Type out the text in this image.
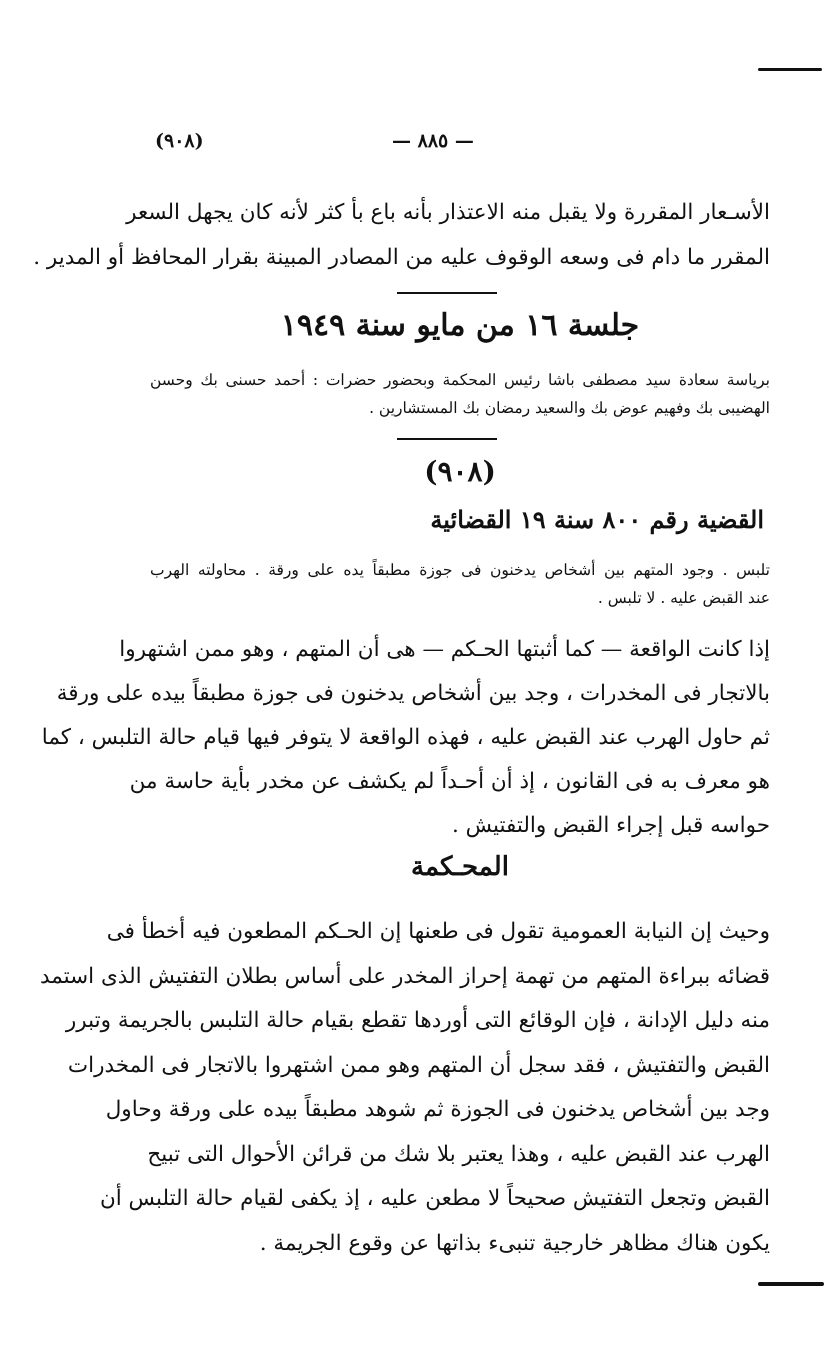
(٩٠٨)	— ٨٨٥ —
الأسـعار المقررة ولا يقبل منه الاعتذار بأنه باع بأ كثر لأنه كان يجهل السعر
المقرر ما دام فى وسعه الوقوف عليه من المصادر المبينة بقرار المحافظ أو المدير .
جلسة ١٦ من مايو سنة ١٩٤٩
برياسة سعادة سيد مصطفى باشا رئيس المحكمة وبحضور حضرات : أحمد حسنى بك وحسن
الهضيبى بك وفهيم عوض بك والسعيد رمضان بك المستشارين .
(٩٠٨)
القضية رقم ٨٠٠ سنة ١٩ القضائية
تلبس . وجود المتهم بين أشخاص يدخنون فى جوزة مطبقاً يده على ورقة . محاولته الهرب
عند القبض عليه . لا تلبس .
إذا كانت الواقعة — كما أثبتها الحـكم — هى أن المتهم ، وهو ممن اشتهروا
بالاتجار فى المخدرات ، وجد بين أشخاص يدخنون فى جوزة مطبقاً بيده على ورقة
ثم حاول الهرب عند القبض عليه ، فهذه الواقعة لا يتوفر فيها قيام حالة التلبس ، كما
هو معرف به فى القانون ، إذ أن أحـداً لم يكشف عن مخدر بأية حاسة من
حواسه قبل إجراء القبض والتفتيش .
المحـكمة
وحيث إن النيابة العمومية تقول فى طعنها إن الحـكم المطعون فيه أخطأ فى
قضائه ببراءة المتهم من تهمة إحراز المخدر على أساس بطلان التفتيش الذى استمد
منه دليل الإدانة ، فإن الوقائع التى أوردها تقطع بقيام حالة التلبس بالجريمة وتبرر
القبض والتفتيش ، فقد سجل أن المتهم وهو ممن اشتهروا بالاتجار فى المخدرات
وجد بين أشخاص يدخنون فى الجوزة ثم شوهد مطبقاً بيده على ورقة وحاول
الهرب عند القبض عليه ، وهذا يعتبر بلا شك من قرائن الأحوال التى تبيح
القبض وتجعل التفتيش صحيحاً لا مطعن عليه ، إذ يكفى لقيام حالة التلبس أن
يكون هناك مظاهر خارجية تنبىء بذاتها عن وقوع الجريمة .
